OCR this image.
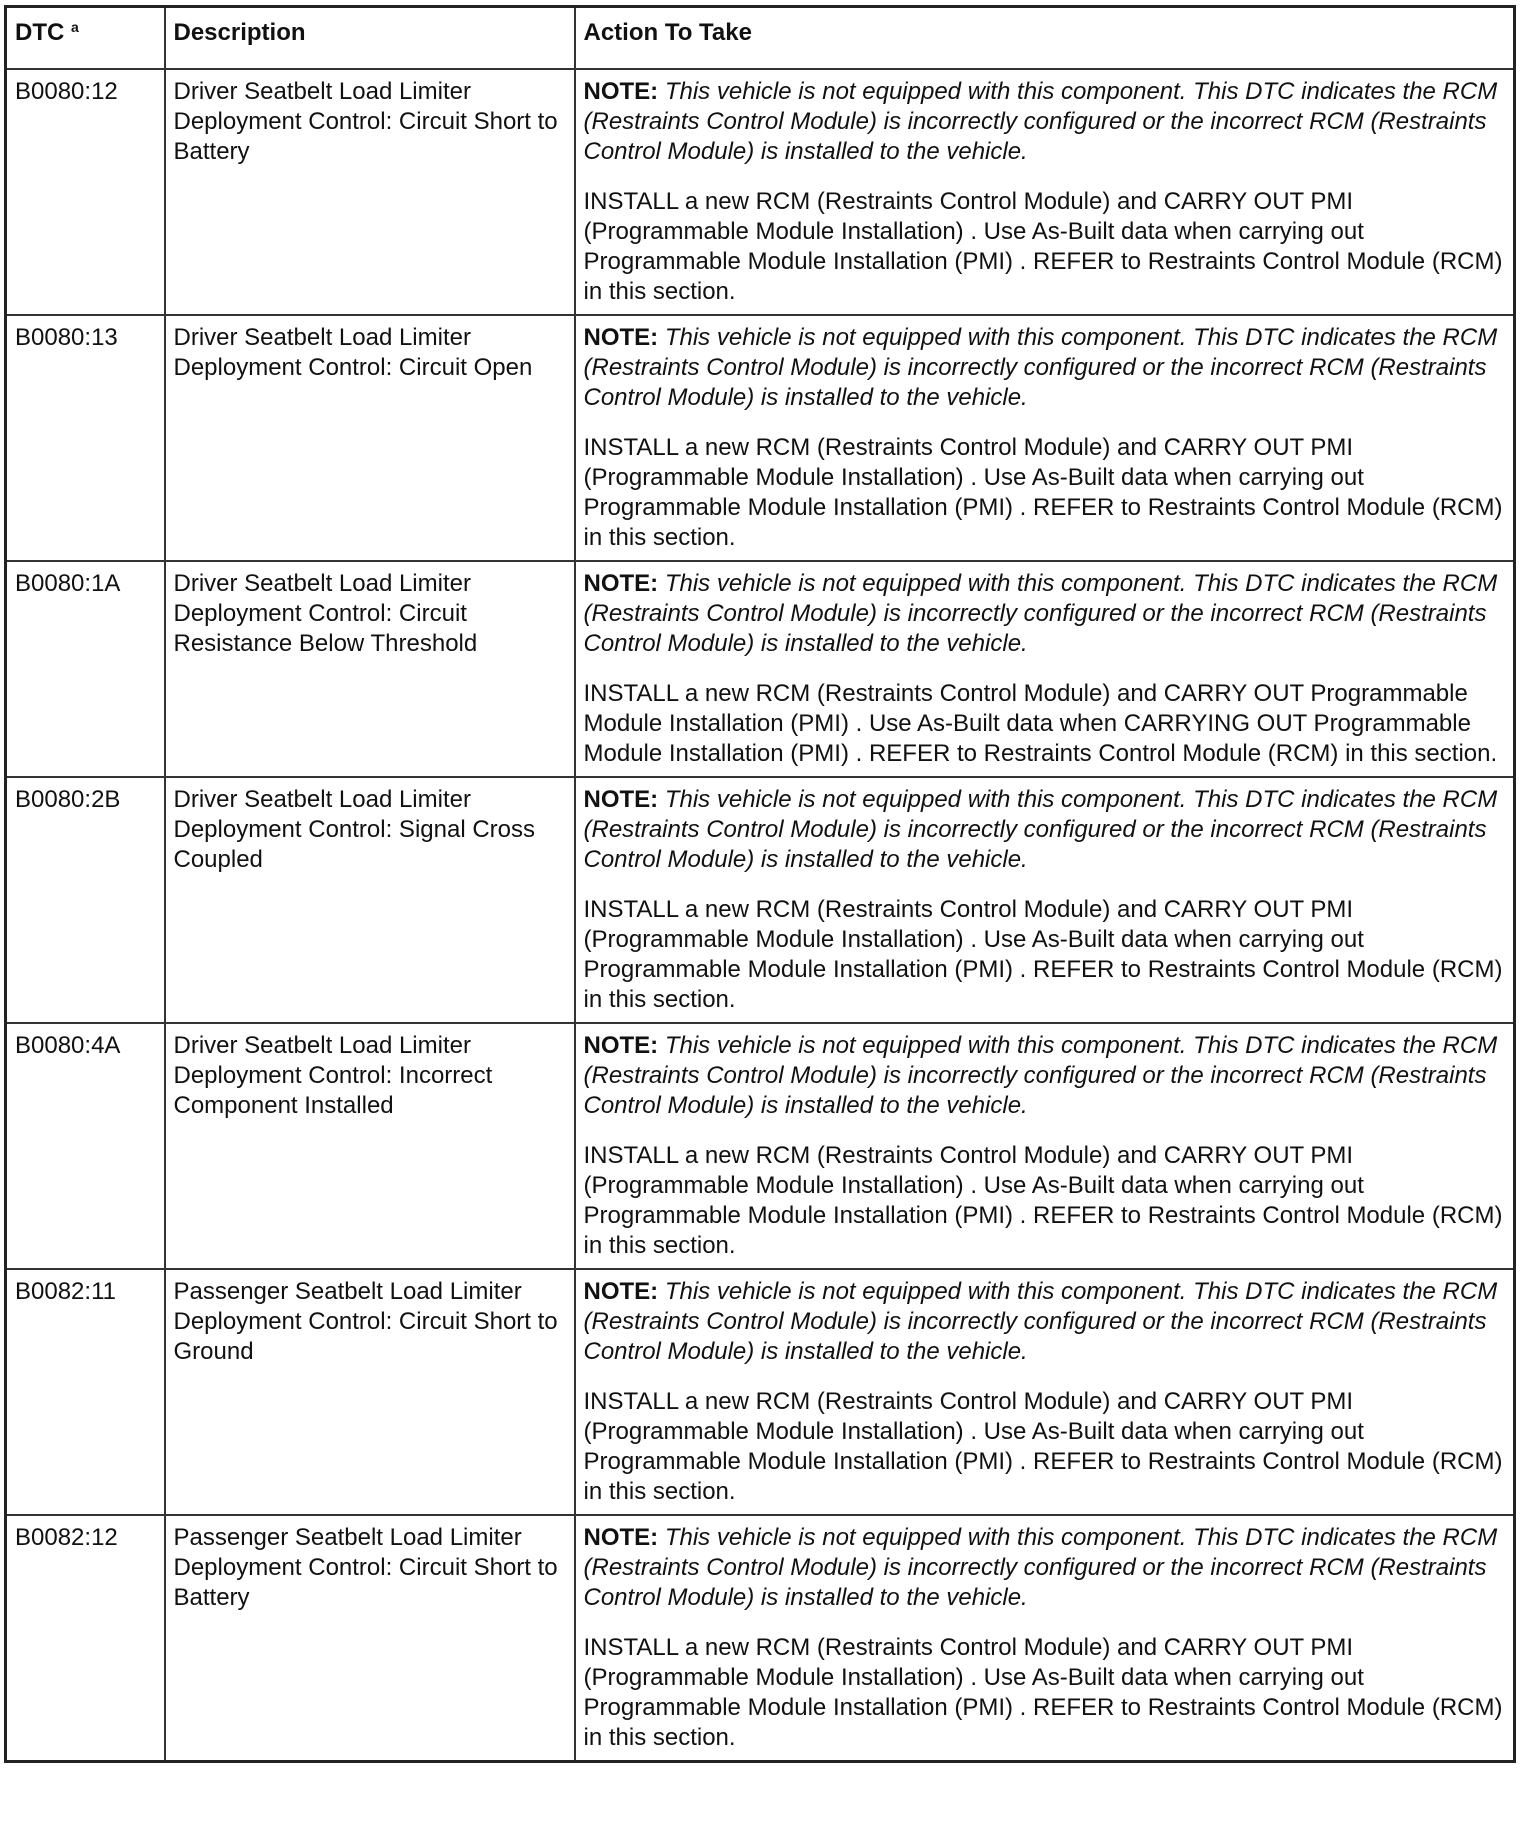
DTC $^a$	Description	Action To Take
B0080:12	Driver Seatbelt Load Limiter Deployment Control: Circuit Short to Battery	NOTE: This vehicle is not equipped with this component. This DTC indicates the RCM (Restraints Control Module) is incorrectly configured or the incorrect RCM (Restraints Control Module) is installed to the vehicle.

INSTALL a new RCM (Restraints Control Module) and CARRY OUT PMI (Programmable Module Installation) . Use As-Built data when carrying out Programmable Module Installation (PMI) . REFER to Restraints Control Module (RCM) in this section.

B0080:13	Driver Seatbelt Load Limiter Deployment Control: Circuit Open	NOTE: This vehicle is not equipped with this component. This DTC indicates the RCM (Restraints Control Module) is incorrectly configured or the incorrect RCM (Restraints Control Module) is installed to the vehicle.

INSTALL a new RCM (Restraints Control Module) and CARRY OUT PMI (Programmable Module Installation) . Use As-Built data when carrying out Programmable Module Installation (PMI) . REFER to Restraints Control Module (RCM) in this section.

B0080:1A	Driver Seatbelt Load Limiter Deployment Control: Circuit Resistance Below Threshold	NOTE: This vehicle is not equipped with this component. This DTC indicates the RCM (Restraints Control Module) is incorrectly configured or the incorrect RCM (Restraints Control Module) is installed to the vehicle.

INSTALL a new RCM (Restraints Control Module) and CARRY OUT Programmable Module Installation (PMI) . Use As-Built data when CARRYING OUT Programmable Module Installation (PMI) . REFER to Restraints Control Module (RCM) in this section.

B0080:2B	Driver Seatbelt Load Limiter Deployment Control: Signal Cross Coupled	NOTE: This vehicle is not equipped with this component. This DTC indicates the RCM (Restraints Control Module) is incorrectly configured or the incorrect RCM (Restraints Control Module) is installed to the vehicle.

INSTALL a new RCM (Restraints Control Module) and CARRY OUT PMI (Programmable Module Installation) . Use As-Built data when carrying out Programmable Module Installation (PMI) . REFER to Restraints Control Module (RCM) in this section.

B0080:4A	Driver Seatbelt Load Limiter Deployment Control: Incorrect Component Installed	NOTE: This vehicle is not equipped with this component. This DTC indicates the RCM (Restraints Control Module) is incorrectly configured or the incorrect RCM (Restraints Control Module) is installed to the vehicle.

INSTALL a new RCM (Restraints Control Module) and CARRY OUT PMI (Programmable Module Installation) . Use As-Built data when carrying out Programmable Module Installation (PMI) . REFER to Restraints Control Module (RCM) in this section.

B0082:11	Passenger Seatbelt Load Limiter Deployment Control: Circuit Short to Ground	NOTE: This vehicle is not equipped with this component. This DTC indicates the RCM (Restraints Control Module) is incorrectly configured or the incorrect RCM (Restraints Control Module) is installed to the vehicle.

INSTALL a new RCM (Restraints Control Module) and CARRY OUT PMI (Programmable Module Installation) . Use As-Built data when carrying out Programmable Module Installation (PMI) . REFER to Restraints Control Module (RCM) in this section.

B0082:12	Passenger Seatbelt Load Limiter Deployment Control: Circuit Short to Battery	NOTE: This vehicle is not equipped with this component. This DTC indicates the RCM (Restraints Control Module) is incorrectly configured or the incorrect RCM (Restraints Control Module) is installed to the vehicle.

INSTALL a new RCM (Restraints Control Module) and CARRY OUT PMI (Programmable Module Installation) . Use As-Built data when carrying out Programmable Module Installation (PMI) . REFER to Restraints Control Module (RCM) in this section.
